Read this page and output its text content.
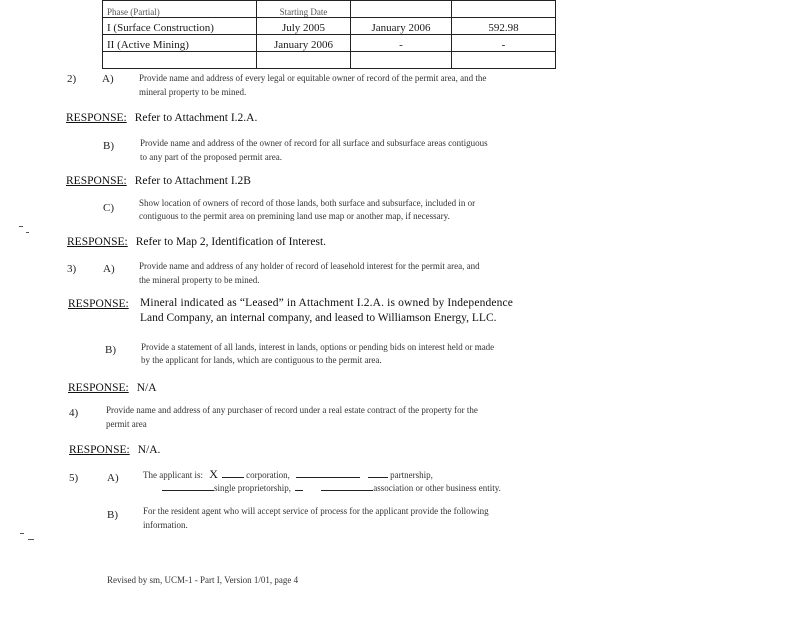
Phase (Partial)	Starting Date		
I (Surface Construction)	July 2005	January 2006	592.98
II (Active Mining)	January 2006	-	-

2) A)	Provide name and address of every legal or equitable owner of record of the permit area, and the
mineral property to be mined.
RESPONSE: Refer to Attachment I.2.A.
B)	Provide name and address of the owner of record for all surface and subsurface areas contiguous
to any part of the proposed permit area.
RESPONSE: Refer to Attachment I.2B
C)	Show location of owners of record of those lands, both surface and subsurface, included in or
contiguous to the permit area on premining land use map or another map, if necessary.
RESPONSE: Refer to Map 2, Identification of Interest.
3) A)	Provide name and address of any holder of record of leasehold interest for the permit area, and
the mineral property to be mined.
RESPONSE: Mineral indicated as “Leased” in Attachment I.2.A. is owned by Independence
Land Company, an internal company, and leased to Williamson Energy, LLC.
B)	Provide a statement of all lands, interest in lands, options or pending bids on interest held or made
by the applicant for lands, which are contiguous to the permit area.
RESPONSE: N/A
4)	Provide name and address of any purchaser of record under a real estate contract of the property for the
permit area
RESPONSE: N/A.
5)	A)	The applicant is: X	corporation,	partnership,
single proprietorship,	association or other business entity.
B)	For the resident agent who will accept service of process for the applicant provide the following
information.
Revised by sm, UCM-1 - Part I, Version 1/01, page 4
